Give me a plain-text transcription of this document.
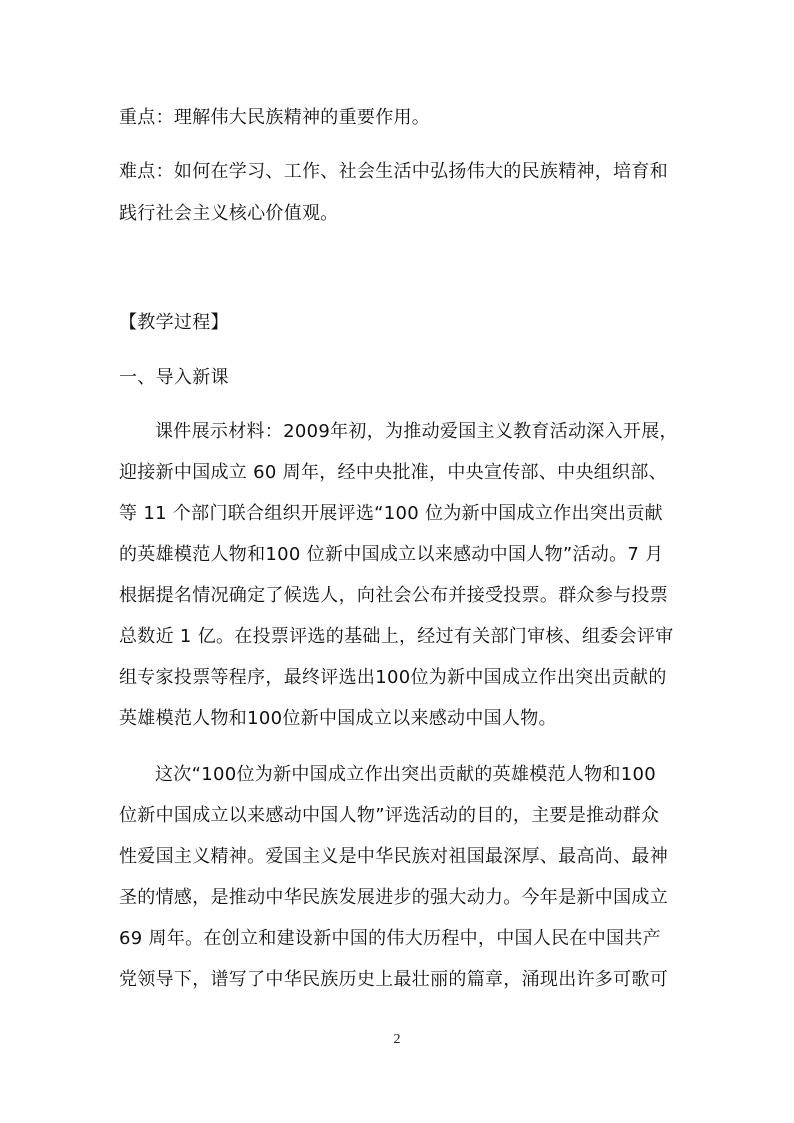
重点：理解伟大民族精神的重要作用。
难点：如何在学习、工作、社会生活中弘扬伟大的民族精神，培育和
践行社会主义核心价值观。
【教学过程】
一、导入新课
课件展示材料：2009年初，为推动爱国主义教育活动深入开展，
迎接新中国成立 60 周年，经中央批准，中央宣传部、中央组织部、
等 11 个部门联合组织开展评选“100 位为新中国成立作出突出贡献
的英雄模范人物和100 位新中国成立以来感动中国人物”活动。7 月
根据提名情况确定了候选人，向社会公布并接受投票。群众参与投票
总数近 1 亿。在投票评选的基础上，经过有关部门审核、组委会评审
组专家投票等程序，最终评选出100位为新中国成立作出突出贡献的
英雄模范人物和100位新中国成立以来感动中国人物。
这次“100位为新中国成立作出突出贡献的英雄模范人物和100
位新中国成立以来感动中国人物”评选活动的目的，主要是推动群众
性爱国主义精神。爱国主义是中华民族对祖国最深厚、最高尚、最神
圣的情感，是推动中华民族发展进步的强大动力。今年是新中国成立
69 周年。在创立和建设新中国的伟大历程中，中国人民在中国共产
党领导下，谱写了中华民族历史上最壮丽的篇章，涌现出许多可歌可
2
